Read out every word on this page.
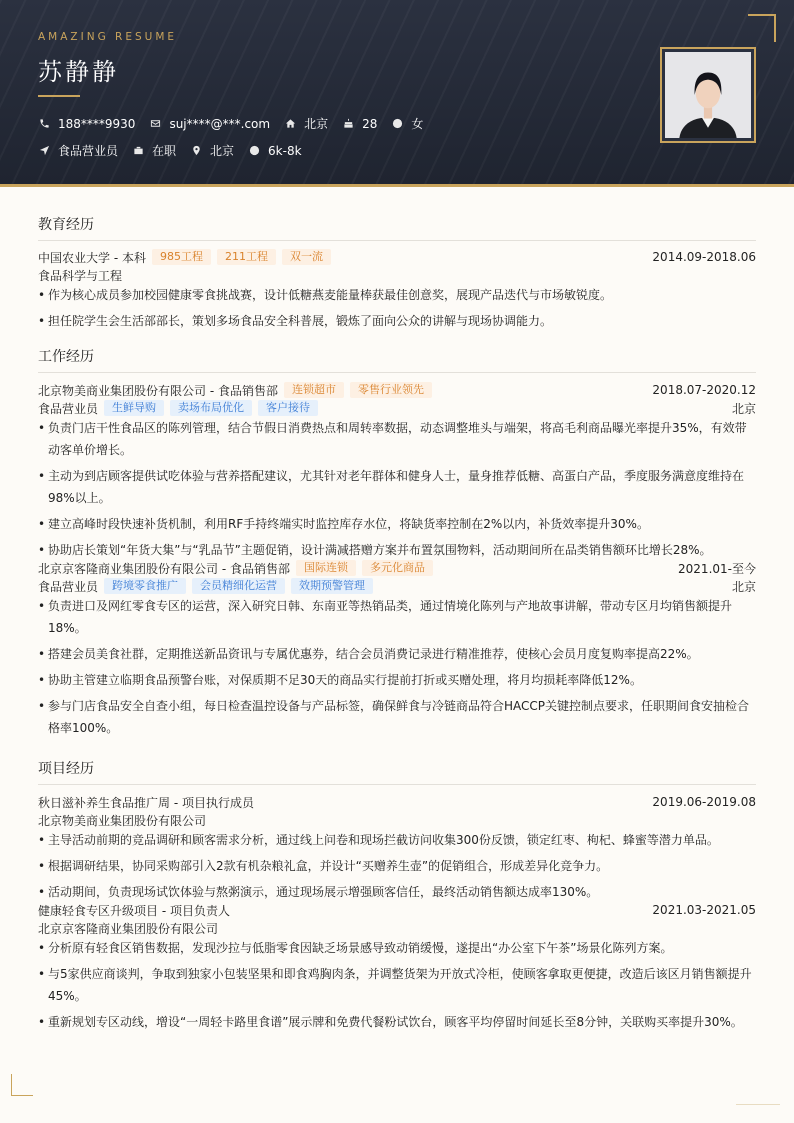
AMAZING RESUME
苏静静
188****9930	suj****@***.com	北京	28	女
食品营业员	在职	北京	6k-8k
教育经历
中国农业大学 - 本科	985工程	211工程	双一流	2014.09-2018.06
食品科学与工程
• 作为核心成员参加校园健康零食挑战赛，设计低糖燕麦能量棒获最佳创意奖，展现产品迭代与市场敏锐度。
• 担任院学生会生活部部长，策划多场食品安全科普展，锻炼了面向公众的讲解与现场协调能力。
工作经历
北京物美商业集团股份有限公司 - 食品销售部	连锁超市	零售行业领先	2018.07-2020.12
食品营业员	生鲜导购	卖场布局优化	客户接待	北京
• 负责门店干性食品区的陈列管理，结合节假日消费热点和周转率数据，动态调整堆头与端架，将高毛利商品曝光率提升35%，有效带动客单价增长。
• 主动为到店顾客提供试吃体验与营养搭配建议，尤其针对老年群体和健身人士，量身推荐低糖、高蛋白产品，季度服务满意度维持在98%以上。
• 建立高峰时段快速补货机制，利用RF手持终端实时监控库存水位，将缺货率控制在2%以内，补货效率提升30%。
• 协助店长策划“年货大集”与“乳品节”主题促销，设计满减搭赠方案并布置氛围物料，活动期间所在品类销售额环比增长28%。
北京京客隆商业集团股份有限公司 - 食品销售部	国际连锁	多元化商品	2021.01-至今
食品营业员	跨境零食推广	会员精细化运营	效期预警管理	北京
• 负责进口及网红零食专区的运营，深入研究日韩、东南亚等热销品类，通过情境化陈列与产地故事讲解，带动专区月均销售额提升18%。
• 搭建会员美食社群，定期推送新品资讯与专属优惠券，结合会员消费记录进行精准推荐，使核心会员月度复购率提高22%。
• 协助主管建立临期食品预警台账，对保质期不足30天的商品实行提前打折或买赠处理，将月均损耗率降低12%。
• 参与门店食品安全自查小组，每日检查温控设备与产品标签，确保鲜食与冷链商品符合HACCP关键控制点要求，任职期间食安抽检合格率100%。
项目经历
秋日滋补养生食品推广周 - 项目执行成员	2019.06-2019.08
北京物美商业集团股份有限公司
• 主导活动前期的竞品调研和顾客需求分析，通过线上问卷和现场拦截访问收集300份反馈，锁定红枣、枸杞、蜂蜜等潜力单品。
• 根据调研结果，协同采购部引入2款有机杂粮礼盒，并设计“买赠养生壶”的促销组合，形成差异化竞争力。
• 活动期间，负责现场试饮体验与熬粥演示，通过现场展示增强顾客信任，最终活动销售额达成率130%。
健康轻食专区升级项目 - 项目负责人	2021.03-2021.05
北京京客隆商业集团股份有限公司
• 分析原有轻食区销售数据，发现沙拉与低脂零食因缺乏场景感导致动销缓慢，遂提出“办公室下午茶”场景化陈列方案。
• 与5家供应商谈判，争取到独家小包装坚果和即食鸡胸肉条，并调整货架为开放式冷柜，使顾客拿取更便捷，改造后该区月销售额提升45%。
• 重新规划专区动线，增设“一周轻卡路里食谱”展示牌和免费代餐粉试饮台，顾客平均停留时间延长至8分钟，关联购买率提升30%。
